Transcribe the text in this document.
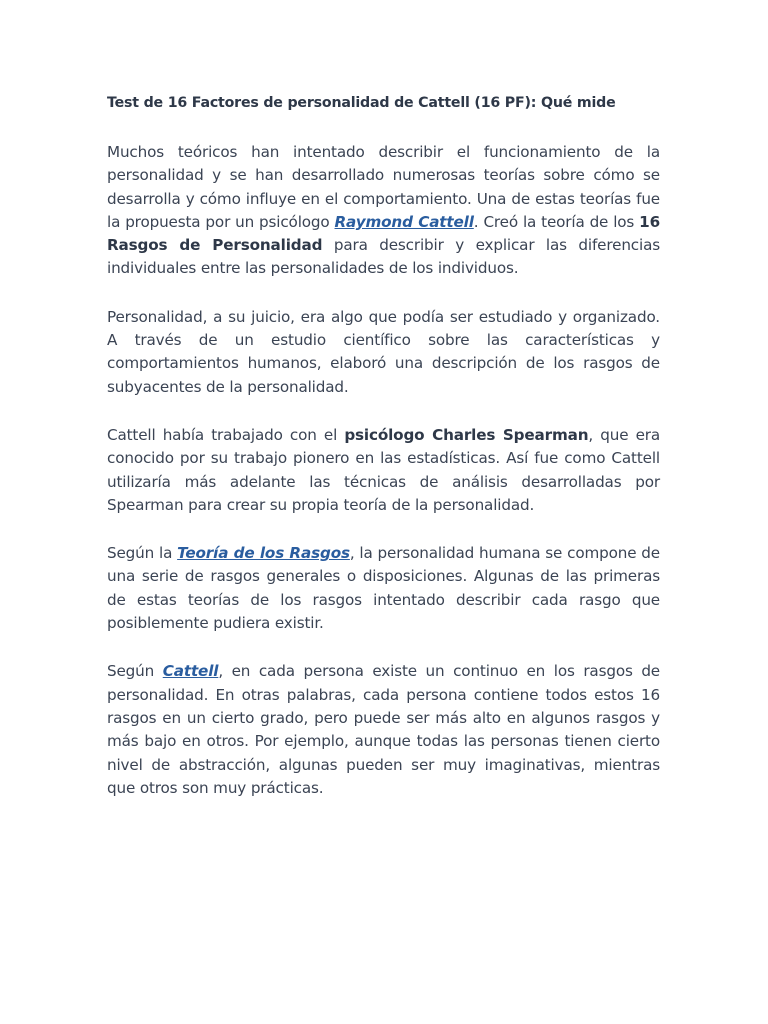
Test de 16 Factores de personalidad de Cattell (16 PF): Qué mide

Muchos teóricos han intentado describir el funcionamiento de la personalidad y se han desarrollado numerosas teorías sobre cómo se desarrolla y cómo influye en el comportamiento. Una de estas teorías fue la propuesta por un psicólogo Raymond Cattell. Creó la teoría de los 16 Rasgos de Personalidad para describir y explicar las diferencias individuales entre las personalidades de los individuos.

Personalidad, a su juicio, era algo que podía ser estudiado y organizado. A través de un estudio científico sobre las características y comportamientos humanos, elaboró una descripción de los rasgos de subyacentes de la personalidad.

Cattell había trabajado con el psicólogo Charles Spearman, que era conocido por su trabajo pionero en las estadísticas. Así fue como Cattell utilizaría más adelante las técnicas de análisis desarrolladas por Spearman para crear su propia teoría de la personalidad.

Según la Teoría de los Rasgos, la personalidad humana se compone de una serie de rasgos generales o disposiciones. Algunas de las primeras de estas teorías de los rasgos intentado describir cada rasgo que posiblemente pudiera existir.

Según Cattell, en cada persona existe un continuo en los rasgos de personalidad. En otras palabras, cada persona contiene todos estos 16 rasgos en un cierto grado, pero puede ser más alto en algunos rasgos y más bajo en otros. Por ejemplo, aunque todas las personas tienen cierto nivel de abstracción, algunas pueden ser muy imaginativas, mientras que otros son muy prácticas.
